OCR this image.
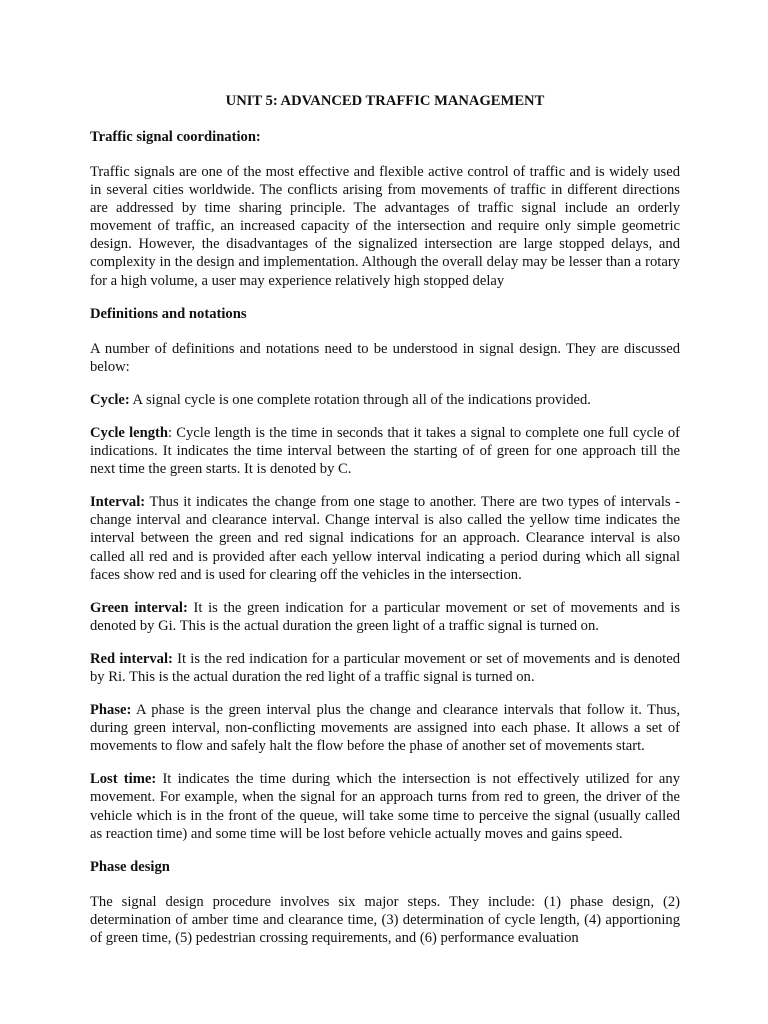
UNIT 5: ADVANCED TRAFFIC MANAGEMENT
Traffic signal coordination:

Traffic signals are one of the most effective and flexible active control of traffic and is widely used in several cities worldwide. The conflicts arising from movements of traffic in different directions are addressed by time sharing principle. The advantages of traffic signal include an orderly movement of traffic, an increased capacity of the intersection and require only simple geometric design. However, the disadvantages of the signalized intersection are large stopped delays, and complexity in the design and implementation. Although the overall delay may be lesser than a rotary for a high volume, a user may experience relatively high stopped delay

Definitions and notations

A number of definitions and notations need to be understood in signal design. They are discussed below:

Cycle: A signal cycle is one complete rotation through all of the indications provided.

Cycle length: Cycle length is the time in seconds that it takes a signal to complete one full cycle of indications. It indicates the time interval between the starting of of green for one approach till the next time the green starts. It is denoted by C.

Interval: Thus it indicates the change from one stage to another. There are two types of intervals - change interval and clearance interval. Change interval is also called the yellow time indicates the interval between the green and red signal indications for an approach. Clearance interval is also called all red and is provided after each yellow interval indicating a period during which all signal faces show red and is used for clearing off the vehicles in the intersection.

Green interval: It is the green indication for a particular movement or set of movements and is denoted by Gi. This is the actual duration the green light of a traffic signal is turned on.

Red interval: It is the red indication for a particular movement or set of movements and is denoted by Ri. This is the actual duration the red light of a traffic signal is turned on.

Phase: A phase is the green interval plus the change and clearance intervals that follow it. Thus, during green interval, non-conflicting movements are assigned into each phase. It allows a set of movements to flow and safely halt the flow before the phase of another set of movements start.

Lost time: It indicates the time during which the intersection is not effectively utilized for any movement. For example, when the signal for an approach turns from red to green, the driver of the vehicle which is in the front of the queue, will take some time to perceive the signal (usually called as reaction time) and some time will be lost before vehicle actually moves and gains speed.

Phase design

The signal design procedure involves six major steps. They include: (1) phase design, (2) determination of amber time and clearance time, (3) determination of cycle length, (4) apportioning of green time, (5) pedestrian crossing requirements, and (6) performance evaluation
